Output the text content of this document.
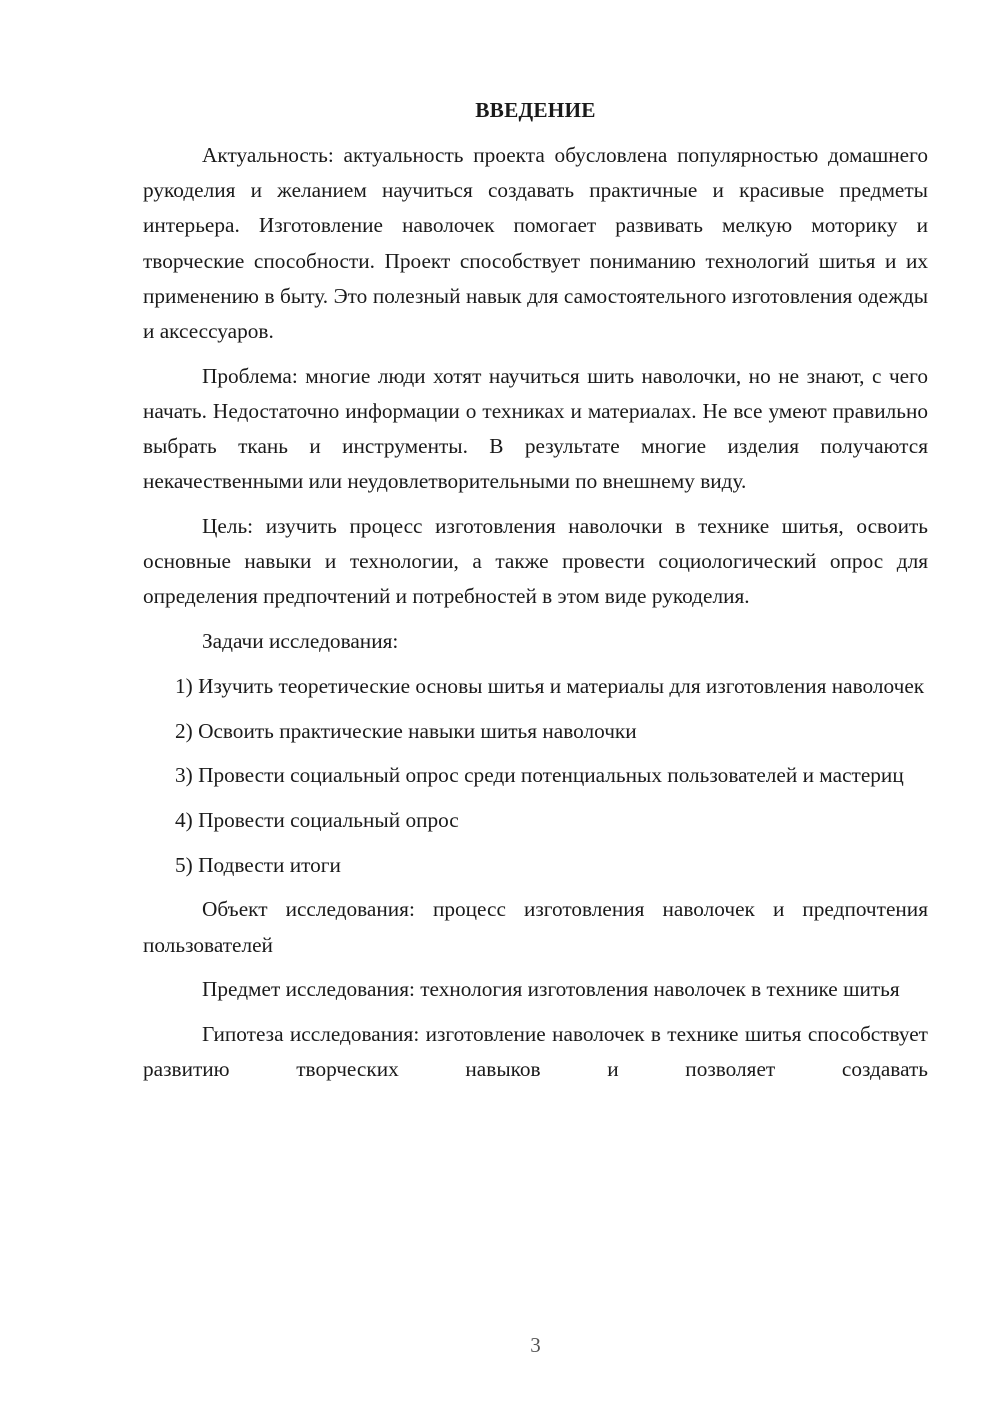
ВВЕДЕНИЕ

Актуальность: актуальность проекта обусловлена популярностью домашнего рукоделия и желанием научиться создавать практичные и красивые предметы интерьера. Изготовление наволочек помогает развивать мелкую моторику и творческие способности. Проект способствует пониманию технологий шитья и их применению в быту. Это полезный навык для самостоятельного изготовления одежды и аксессуаров.

Проблема: многие люди хотят научиться шить наволочки, но не знают, с чего начать. Недостаточно информации о техниках и материалах. Не все умеют правильно выбрать ткань и инструменты. В результате многие изделия получаются некачественными или неудовлетворительными по внешнему виду.

Цель: изучить процесс изготовления наволочки в технике шитья, освоить основные навыки и технологии, а также провести социологический опрос для определения предпочтений и потребностей в этом виде рукоделия.

Задачи исследования:

1) Изучить теоретические основы шитья и материалы для изготовления наволочек

2) Освоить практические навыки шитья наволочки

3) Провести социальный опрос среди потенциальных пользователей и мастериц

4) Провести социальный опрос

5) Подвести итоги

Объект исследования: процесс изготовления наволочек и предпочтения пользователей

Предмет исследования: технология изготовления наволочек в технике шитья

Гипотеза исследования: изготовление наволочек в технике шитья способствует развитию творческих навыков и позволяет создавать

3
